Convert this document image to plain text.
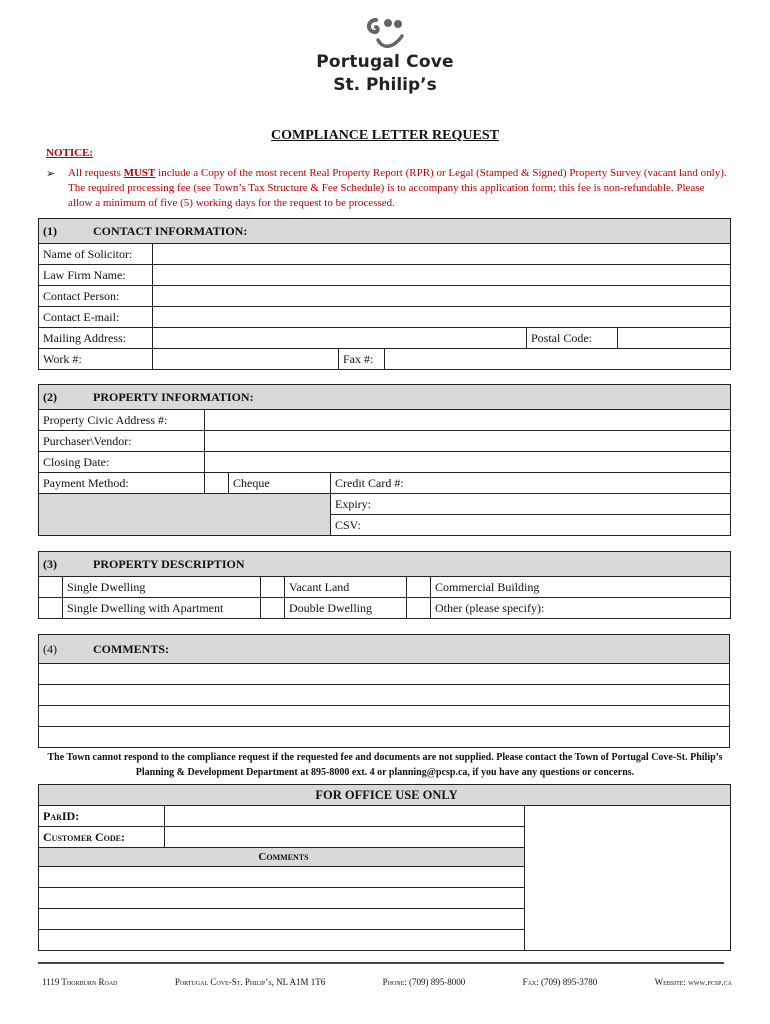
Portugal Cove
St. Philip’s
COMPLIANCE LETTER REQUEST
NOTICE:
➢ All requests MUST include a Copy of the most recent Real Property Report (RPR) or Legal (Stamped & Signed) Property Survey (vacant land only). The required processing fee (see Town’s Tax Structure & Fee Schedule) is to accompany this application form; this fee is non-refundable. Please allow a minimum of five (5) working days for the request to be processed.
(1) CONTACT INFORMATION:					
Name of Solicitor:					
Law Firm Name:					
Contact Person:					
Contact E-mail:					
Mailing Address:				Postal Code:	
Work #:		Fax #:			
(2) PROPERTY INFORMATION:			
Property Civic Address #:			
Purchaser\Vendor:			
Closing Date:			
Payment Method:		Cheque	Credit Card #:
			Expiry:
			CSV:
(3) PROPERTY DESCRIPTION					
	Single Dwelling		Vacant Land		Commercial Building
	Single Dwelling with Apartment		Double Dwelling		Other (please specify):
(4)	COMMENTS:

The Town cannot respond to the compliance request if the requested fee and documents are not supplied. Please contact the Town of Portugal Cove-St. Philip’s Planning & Development Department at 895-8000 ext. 4 or planning@pcsp.ca, if you have any questions or concerns.
FOR OFFICE USE ONLY		
ParID:		
Customer Code:		
Comments		

1119 Thorburn Road	Portugal Cove-St. Philip’s, NL A1M 1T6	Phone: (709) 895-8000	Fax: (709) 895-3780	Website: www.pcsp.ca
